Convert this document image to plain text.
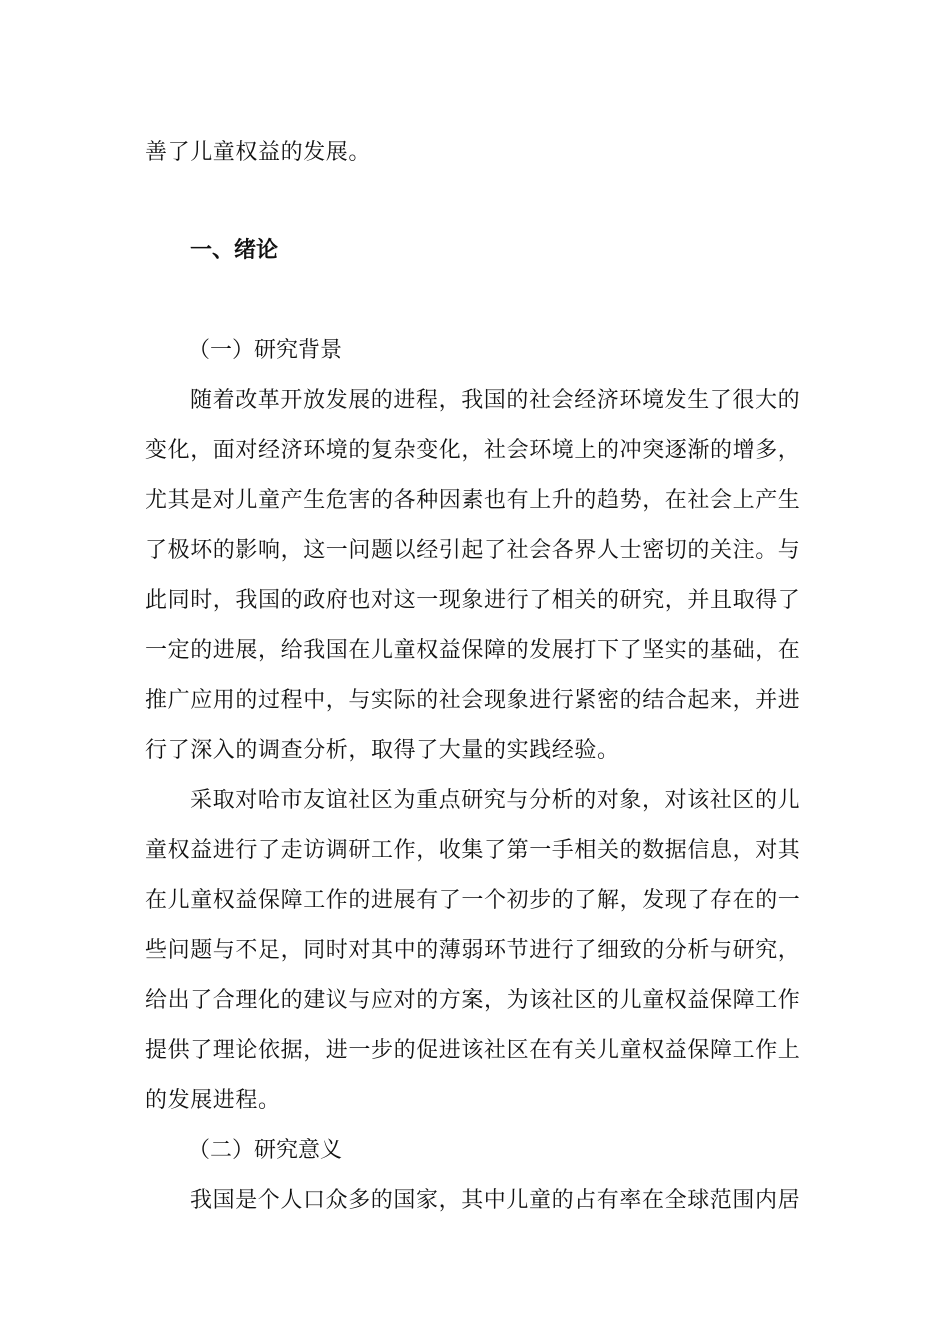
善了儿童权益的发展。
一、绪论
（一）研究背景
随着改革开放发展的进程，我国的社会经济环境发生了很大的
变化，面对经济环境的复杂变化，社会环境上的冲突逐渐的增多，
尤其是对儿童产生危害的各种因素也有上升的趋势，在社会上产生
了极坏的影响，这一问题以经引起了社会各界人士密切的关注。与
此同时，我国的政府也对这一现象进行了相关的研究，并且取得了
一定的进展，给我国在儿童权益保障的发展打下了坚实的基础，在
推广应用的过程中，与实际的社会现象进行紧密的结合起来，并进
行了深入的调查分析，取得了大量的实践经验。
采取对哈市友谊社区为重点研究与分析的对象，对该社区的儿
童权益进行了走访调研工作，收集了第一手相关的数据信息，对其
在儿童权益保障工作的进展有了一个初步的了解，发现了存在的一
些问题与不足，同时对其中的薄弱环节进行了细致的分析与研究，
给出了合理化的建议与应对的方案，为该社区的儿童权益保障工作
提供了理论依据，进一步的促进该社区在有关儿童权益保障工作上
的发展进程。
（二）研究意义
我国是个人口众多的国家，其中儿童的占有率在全球范围内居
